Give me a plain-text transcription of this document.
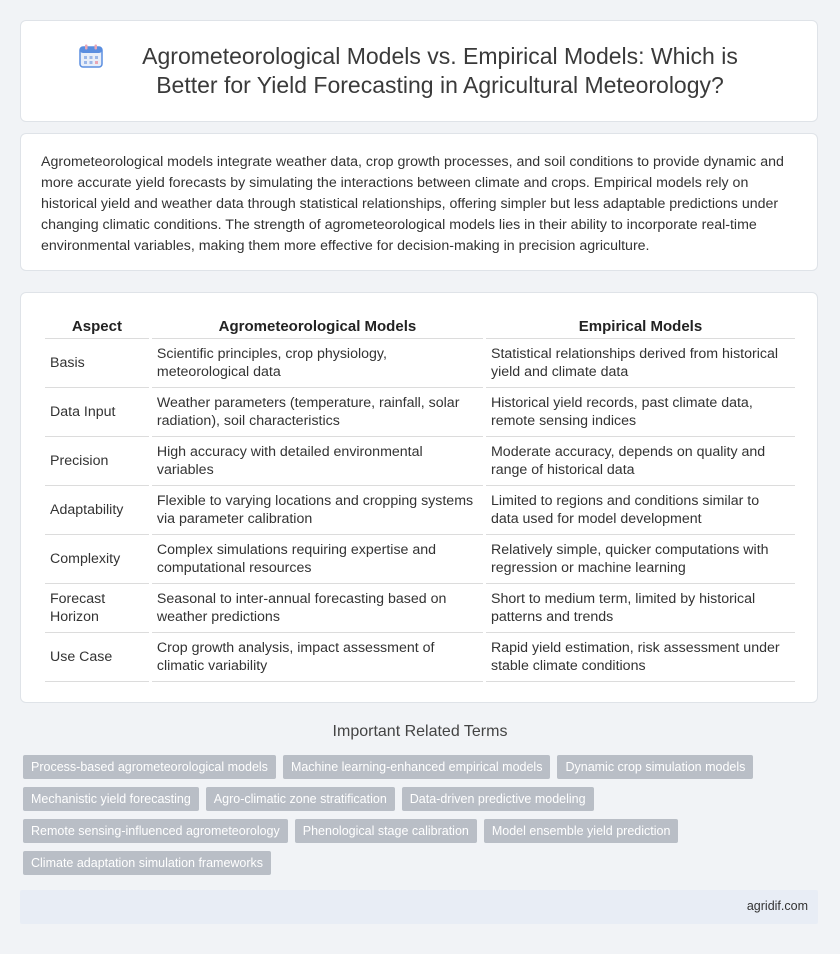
Agrometeorological Models vs. Empirical Models: Which is Better for Yield Forecasting in Agricultural Meteorology?

Agrometeorological models integrate weather data, crop growth processes, and soil conditions to provide dynamic and more accurate yield forecasts by simulating the interactions between climate and crops. Empirical models rely on historical yield and weather data through statistical relationships, offering simpler but less adaptable predictions under changing climatic conditions. The strength of agrometeorological models lies in their ability to incorporate real-time environmental variables, making them more effective for decision-making in precision agriculture.

Aspect	Agrometeorological Models	Empirical Models
Basis	Scientific principles, crop physiology, meteorological data	Statistical relationships derived from historical yield and climate data
Data Input	Weather parameters (temperature, rainfall, solar radiation), soil characteristics	Historical yield records, past climate data, remote sensing indices
Precision	High accuracy with detailed environmental variables	Moderate accuracy, depends on quality and range of historical data
Adaptability	Flexible to varying locations and cropping systems via parameter calibration	Limited to regions and conditions similar to data used for model development
Complexity	Complex simulations requiring expertise and computational resources	Relatively simple, quicker computations with regression or machine learning
Forecast Horizon	Seasonal to inter-annual forecasting based on weather predictions	Short to medium term, limited by historical patterns and trends
Use Case	Crop growth analysis, impact assessment of climatic variability	Rapid yield estimation, risk assessment under stable climate conditions
Important Related Terms
Process-based agrometeorological models	Machine learning-enhanced empirical models	Dynamic crop simulation models
Mechanistic yield forecasting	Agro-climatic zone stratification	Data-driven predictive modeling
Remote sensing-influenced agrometeorology	Phenological stage calibration	Model ensemble yield prediction
Climate adaptation simulation frameworks
agridif.com
